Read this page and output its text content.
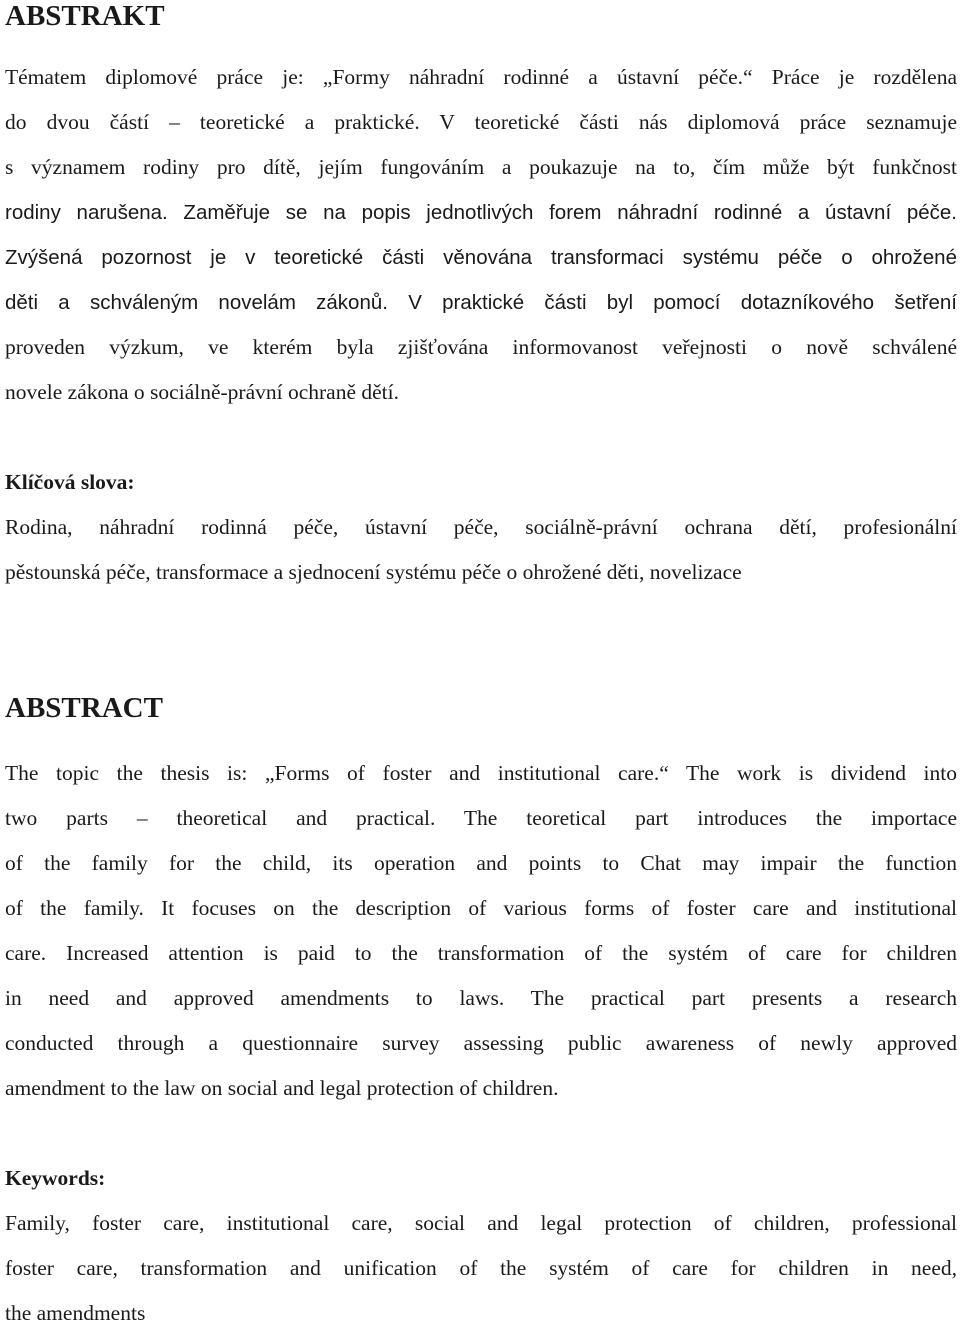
ABSTRAKT
Tématem diplomové práce je: „Formy náhradní rodinné a ústavní péče.“ Práce je rozdělena
do dvou částí – teoretické a praktické. V teoretické části nás diplomová práce seznamuje
s významem rodiny pro dítě, jejím fungováním a poukazuje na to, čím může být funkčnost
rodiny narušena. Zaměřuje se na popis jednotlivých forem náhradní rodinné a ústavní péče.
Zvýšená pozornost je v teoretické části věnována transformaci systému péče o ohrožené
děti a schváleným novelám zákonů. V praktické části byl pomocí dotazníkového šetření
proveden výzkum, ve kterém byla zjišťována informovanost veřejnosti o nově schválené
novele zákona o sociálně-právní ochraně dětí.

Klíčová slova:

Rodina, náhradní rodinná péče, ústavní péče, sociálně-právní ochrana dětí, profesionální
pěstounská péče, transformace a sjednocení systému péče o ohrožené děti, novelizace
ABSTRACT
The topic the thesis is: „Forms of foster and institutional care.“ The work is dividend into
two parts – theoretical and practical. The teoretical part introduces the importace
of the family for the child, its operation and points to Chat may impair the function
of the family. It focuses on the description of various forms of foster care and institutional
care. Increased attention is paid to the transformation of the systém of care for children
in need and approved amendments to laws. The practical part presents a research
conducted through a questionnaire survey assessing public awareness of newly approved
amendment to the law on social and legal protection of children.

Keywords:

Family, foster care, institutional care, social and legal protection of children, professional
foster care, transformation and unification of the systém of care for children in need,
the amendments
